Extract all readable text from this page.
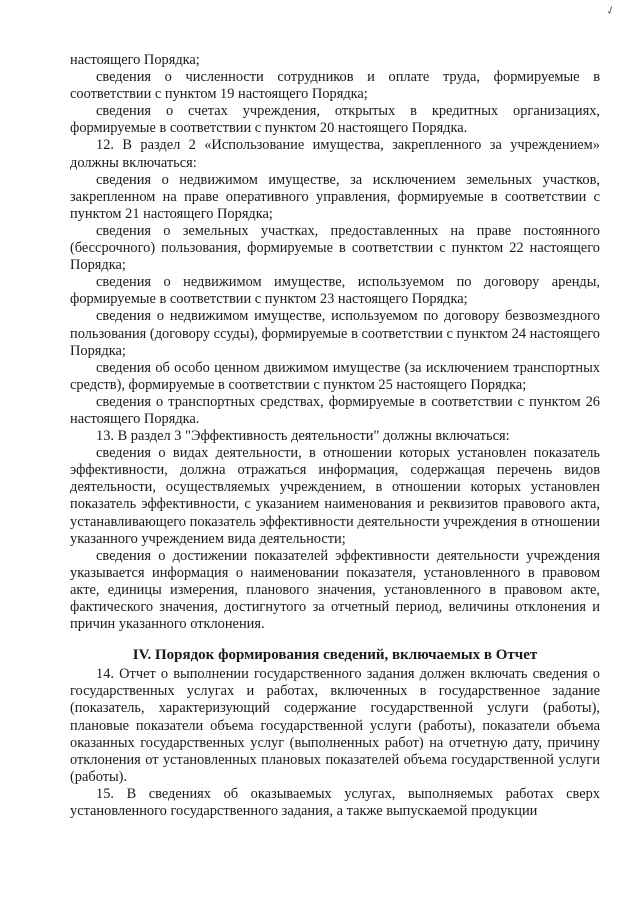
✓

настоящего Порядка;

сведения о численности сотрудников и оплате труда, формируемые в соответствии с пунктом 19 настоящего Порядка;

сведения о счетах учреждения, открытых в кредитных организациях, формируемые в соответствии с пунктом 20 настоящего Порядка.

12. В раздел 2 «Использование имущества, закрепленного за учреждением» должны включаться:

сведения о недвижимом имуществе, за исключением земельных участков, закрепленном на праве оперативного управления, формируемые в соответствии с пунктом 21 настоящего Порядка;

сведения о земельных участках, предоставленных на праве постоянного (бессрочного) пользования, формируемые в соответствии с пунктом 22 настоящего Порядка;

сведения о недвижимом имуществе, используемом по договору аренды, формируемые в соответствии с пунктом 23 настоящего Порядка;

сведения о недвижимом имуществе, используемом по договору безвозмездного пользования (договору ссуды), формируемые в соответствии с пунктом 24 настоящего Порядка;

сведения об особо ценном движимом имуществе (за исключением транспортных средств), формируемые в соответствии с пунктом 25 настоящего Порядка;

сведения о транспортных средствах, формируемые в соответствии с пунктом 26 настоящего Порядка.

13. В раздел 3 "Эффективность деятельности" должны включаться:

сведения о видах деятельности, в отношении которых установлен показатель эффективности, должна отражаться информация, содержащая перечень видов деятельности, осуществляемых учреждением, в отношении которых установлен показатель эффективности, с указанием наименования и реквизитов правового акта, устанавливающего показатель эффективности деятельности учреждения в отношении указанного учреждением вида деятельности;

сведения о достижении показателей эффективности деятельности учреждения указывается информация о наименовании показателя, установленного в правовом акте, единицы измерения, планового значения, установленного в правовом акте, фактического значения, достигнутого за отчетный период, величины отклонения и причин указанного отклонения.

IV. Порядок формирования сведений, включаемых в Отчет

14. Отчет о выполнении государственного задания должен включать сведения о государственных услугах и работах, включенных в государственное задание (показатель, характеризующий содержание государственной услуги (работы), плановые показатели объема государственной услуги (работы), показатели объема оказанных государственных услуг (выполненных работ) на отчетную дату, причину отклонения от установленных плановых показателей объема государственной услуги (работы).

15. В сведениях об оказываемых услугах, выполняемых работах сверх установленного государственного задания, а также выпускаемой продукции
